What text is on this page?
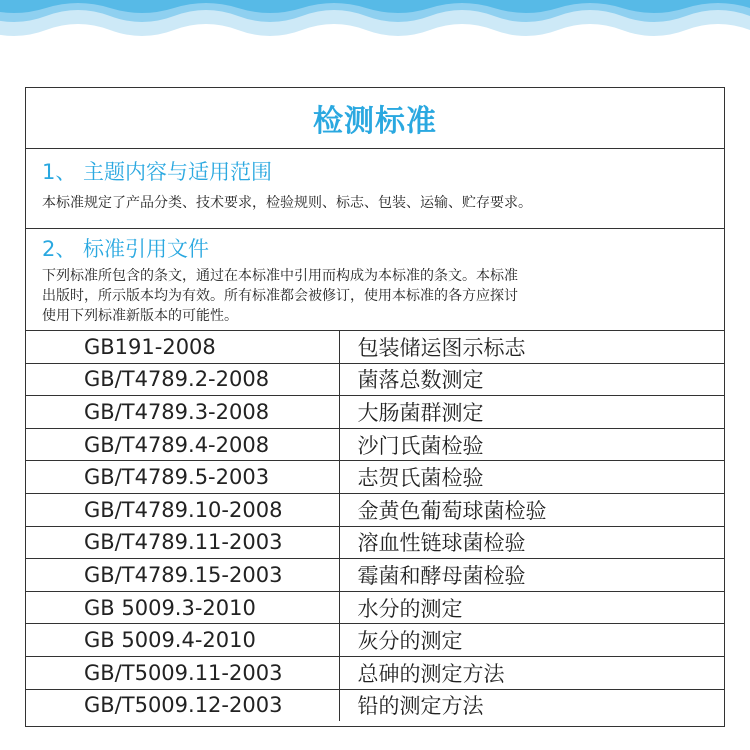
检测标准
1、 主题内容与适用范围
本标准规定了产品分类、技术要求，检验规则、标志、包装、运输、贮存要求。
2、 标准引用文件
下列标准所包含的条文，通过在本标准中引用而构成为本标准的条文。本标准
出版时，所示版本均为有效。所有标准都会被修订，使用本标准的各方应探讨
使用下列标准新版本的可能性。
GB191-2008	包装储运图示标志
GB/T4789.2-2008	菌落总数测定
GB/T4789.3-2008	大肠菌群测定
GB/T4789.4-2008	沙门氏菌检验
GB/T4789.5-2003	志贺氏菌检验
GB/T4789.10-2008	金黄色葡萄球菌检验
GB/T4789.11-2003	溶血性链球菌检验
GB/T4789.15-2003	霉菌和酵母菌检验
GB 5009.3-2010	水分的测定
GB 5009.4-2010	灰分的测定
GB/T5009.11-2003	总砷的测定方法
GB/T5009.12-2003	铅的测定方法
